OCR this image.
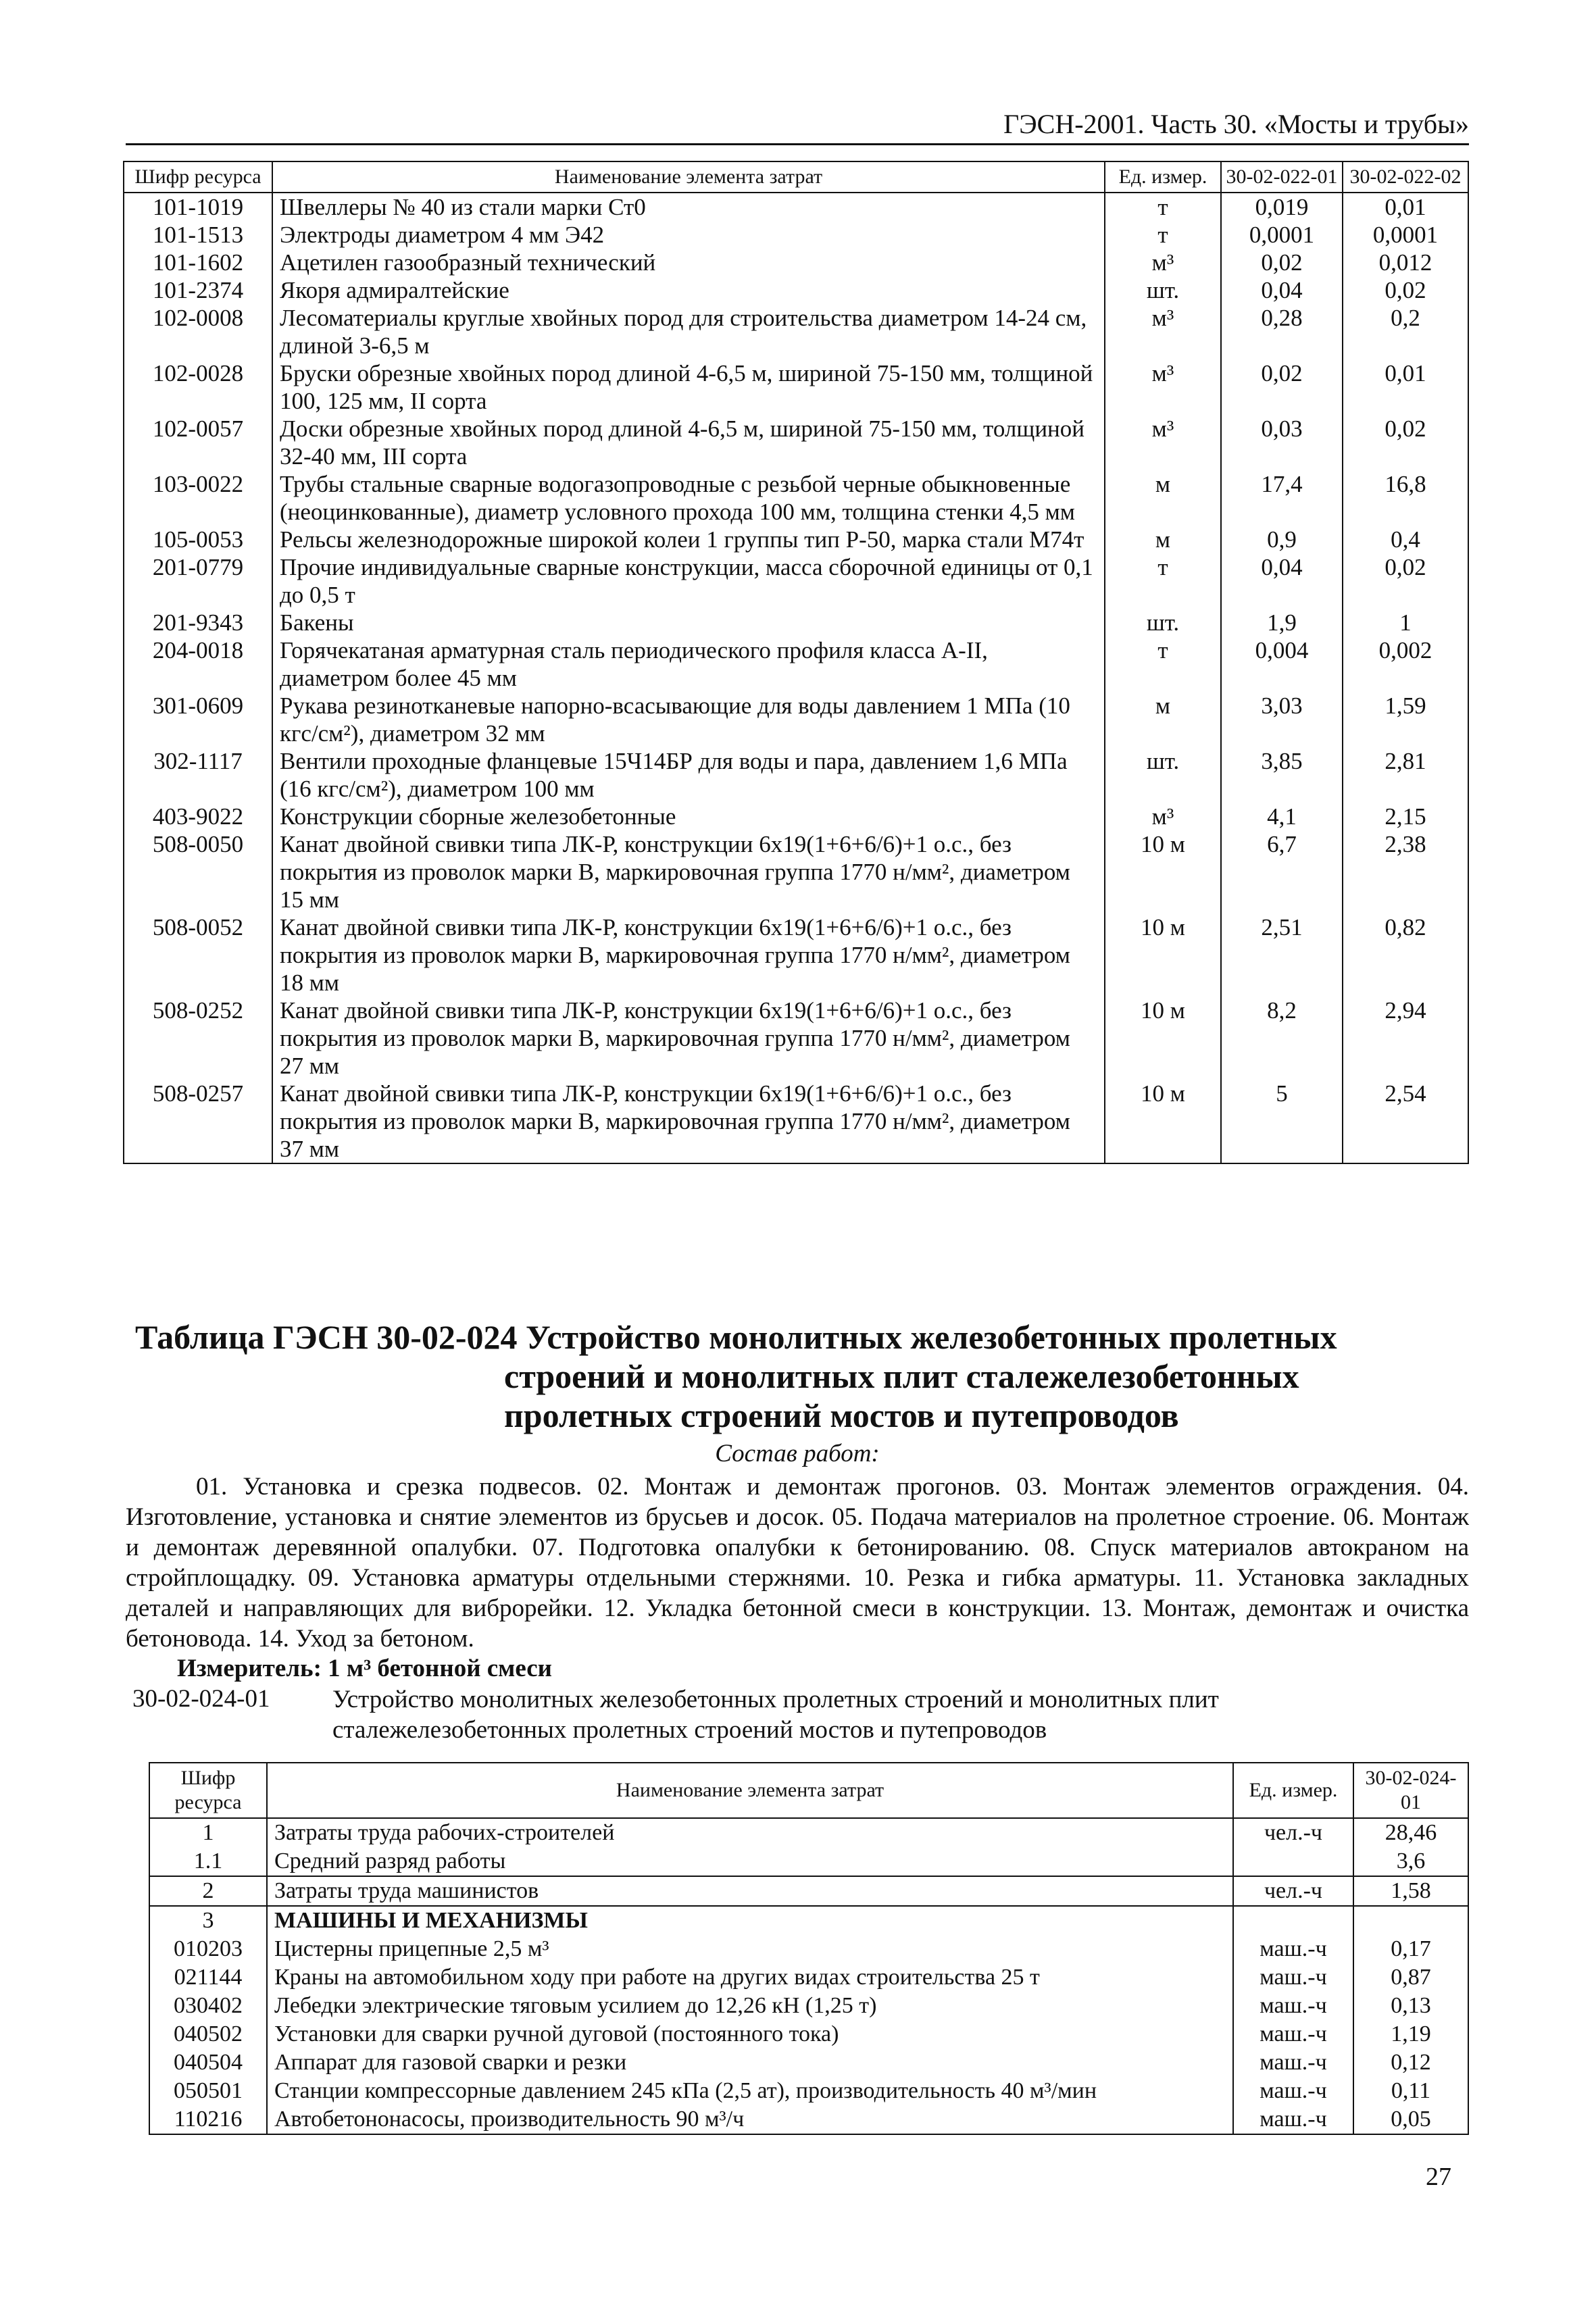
ГЭСН-2001. Часть 30. «Мосты и трубы»
Шифр ресурса	Наименование элемента затрат	Ед. измер.	30-02-022-01	30-02-022-02
101-1019	Швеллеры № 40 из стали марки Ст0	т	0,019	0,01
101-1513	Электроды диаметром 4 мм Э42	т	0,0001	0,0001
101-1602	Ацетилен газообразный технический	м³	0,02	0,012
101-2374	Якоря адмиралтейские	шт.	0,04	0,02
102-0008	Лесоматериалы круглые хвойных пород для строительства диаметром 14-24 см, длиной 3-6,5 м	м³	0,28	0,2
102-0028	Бруски обрезные хвойных пород длиной 4-6,5 м, шириной 75-150 мм, толщиной 100, 125 мм, II сорта	м³	0,02	0,01
102-0057	Доски обрезные хвойных пород длиной 4-6,5 м, шириной 75-150 мм, толщиной 32-40 мм, III сорта	м³	0,03	0,02
103-0022	Трубы стальные сварные водогазопроводные с резьбой черные обыкновенные (неоцинкованные), диаметр условного прохода 100 мм, толщина стенки 4,5 мм	м	17,4	16,8
105-0053	Рельсы железнодорожные широкой колеи 1 группы тип Р-50, марка стали М74т	м	0,9	0,4
201-0779	Прочие индивидуальные сварные конструкции, масса сборочной единицы от 0,1 до 0,5 т	т	0,04	0,02
201-9343	Бакены	шт.	1,9	1
204-0018	Горячекатаная арматурная сталь периодического профиля класса А-II, диаметром более 45 мм	т	0,004	0,002
301-0609	Рукава резинотканевые напорно-всасывающие для воды давлением 1 МПа (10 кгс/см²), диаметром 32 мм	м	3,03	1,59
302-1117	Вентили проходные фланцевые 15Ч14БР для воды и пара, давлением 1,6 МПа (16 кгс/см²), диаметром 100 мм	шт.	3,85	2,81
403-9022	Конструкции сборные железобетонные	м³	4,1	2,15
508-0050	Канат двойной свивки типа ЛК-Р, конструкции 6х19(1+6+6/6)+1 о.с., без покрытия из проволок марки В, маркировочная группа 1770 н/мм², диаметром 15 мм	10 м	6,7	2,38
508-0052	Канат двойной свивки типа ЛК-Р, конструкции 6х19(1+6+6/6)+1 о.с., без покрытия из проволок марки В, маркировочная группа 1770 н/мм², диаметром 18 мм	10 м	2,51	0,82
508-0252	Канат двойной свивки типа ЛК-Р, конструкции 6х19(1+6+6/6)+1 о.с., без покрытия из проволок марки В, маркировочная группа 1770 н/мм², диаметром 27 мм	10 м	8,2	2,94
508-0257	Канат двойной свивки типа ЛК-Р, конструкции 6х19(1+6+6/6)+1 о.с., без покрытия из проволок марки В, маркировочная группа 1770 н/мм², диаметром 37 мм	10 м	5	2,54
Таблица ГЭСН 30-02-024 Устройство монолитных железобетонных пролетных
строений и монолитных плит сталежелезобетонных
пролетных строений мостов и путепроводов
Состав работ:
01. Установка и срезка подвесов. 02. Монтаж и демонтаж прогонов. 03. Монтаж элементов ограждения. 04. Изготовление, установка и снятие элементов из брусьев и досок. 05. Подача материалов на пролетное строение. 06. Монтаж и демонтаж деревянной опалубки. 07. Подготовка опалубки к бетонированию. 08. Спуск материалов автокраном на стройплощадку. 09. Установка арматуры отдельными стержнями. 10. Резка и гибка арматуры. 11. Установка закладных деталей и направляющих для виброрейки. 12. Укладка бетонной смеси в конструкции. 13. Монтаж, демонтаж и очистка бетоновода. 14. Уход за бетоном.
Измеритель: 1 м³ бетонной смеси
30-02-024-01	Устройство монолитных железобетонных пролетных строений и монолитных плит сталежелезобетонных пролетных строений мостов и путепроводов
Шифр ресурса	Наименование элемента затрат	Ед. измер.	30-02-024-01
1	Затраты труда рабочих-строителей	чел.-ч	28,46
1.1	Средний разряд работы		3,6
2	Затраты труда машинистов	чел.-ч	1,58
3	МАШИНЫ И МЕХАНИЗМЫ		
010203	Цистерны прицепные 2,5 м³	маш.-ч	0,17
021144	Краны на автомобильном ходу при работе на других видах строительства 25 т	маш.-ч	0,87
030402	Лебедки электрические тяговым усилием до 12,26 кН (1,25 т)	маш.-ч	0,13
040502	Установки для сварки ручной дуговой (постоянного тока)	маш.-ч	1,19
040504	Аппарат для газовой сварки и резки	маш.-ч	0,12
050501	Станции компрессорные давлением 245 кПа (2,5 ат), производительность 40 м³/мин	маш.-ч	0,11
110216	Автобетононасосы, производительность 90 м³/ч	маш.-ч	0,05
27
